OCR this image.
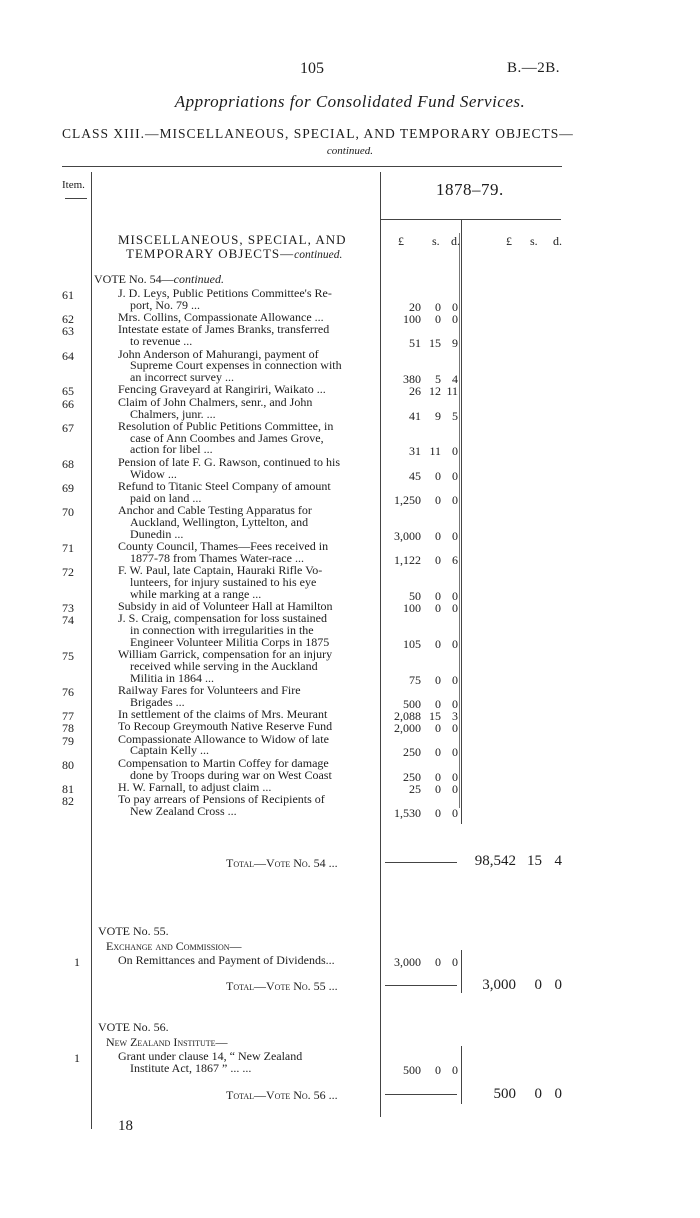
105	B.—2B.
Appropriations for Consolidated Fund Services.
CLASS XIII.—MISCELLANEOUS, SPECIAL, AND TEMPORARY OBJECTS—
continued.
Item.	1878–79.
MISCELLANEOUS, SPECIAL, AND
TEMPORARY OBJECTS—continued.
£ s. d.	£ s. d.
VOTE No. 54—continued.
61	J. D. Leys, Public Petitions Committee's Re-
port, No. 79 ...	20 0 0
62	Mrs. Collins, Compassionate Allowance ...	100 0 0
63	Intestate estate of James Branks, transferred
to revenue ...	51 15 9
64	John Anderson of Mahurangi, payment of
Supreme Court expenses in connection with
an incorrect survey ...	380 5 4
65	Fencing Graveyard at Rangiriri, Waikato ...	26 12 11
66	Claim of John Chalmers, senr., and John
Chalmers, junr. ...	41 9 5
67	Resolution of Public Petitions Committee, in
case of Ann Coombes and James Grove,
action for libel ...	31 11 0
68	Pension of late F. G. Rawson, continued to his
Widow ...	45 0 0
69	Refund to Titanic Steel Company of amount
paid on land ...	1,250 0 0
70	Anchor and Cable Testing Apparatus for
Auckland, Wellington, Lyttelton, and
Dunedin ...	3,000 0 0
71	County Council, Thames—Fees received in
1877-78 from Thames Water-race ...	1,122 0 6
72	F. W. Paul, late Captain, Hauraki Rifle Vo-
lunteers, for injury sustained to his eye
while marking at a range ...	50 0 0
73	Subsidy in aid of Volunteer Hall at Hamilton	100 0 0
74	J. S. Craig, compensation for loss sustained
in connection with irregularities in the
Engineer Volunteer Militia Corps in 1875	105 0 0
75	William Garrick, compensation for an injury
received while serving in the Auckland
Militia in 1864 ...	75 0 0
76	Railway Fares for Volunteers and Fire
Brigades ...	500 0 0
77	In settlement of the claims of Mrs. Meurant	2,088 15 3
78	To Recoup Greymouth Native Reserve Fund	2,000 0 0
79	Compassionate Allowance to Widow of late
Captain Kelly ...	250 0 0
80	Compensation to Martin Coffey for damage
done by Troops during war on West Coast	250 0 0
81	H. W. Farnall, to adjust claim ...	25 0 0
82	To pay arrears of Pensions of Recipients of
New Zealand Cross ...	1,530 0 0
Total—Vote No. 54 ...	98,542 15 4
VOTE No. 55.
Exchange and Commission—
1	On Remittances and Payment of Dividends...	3,000 0 0
Total—Vote No. 55 ...	3,000 0 0
VOTE No. 56.
New Zealand Institute—
1	Grant under clause 14, “ New Zealand
Institute Act, 1867 ” ... ...	500 0 0
Total—Vote No. 56 ...	500 0 0
18
